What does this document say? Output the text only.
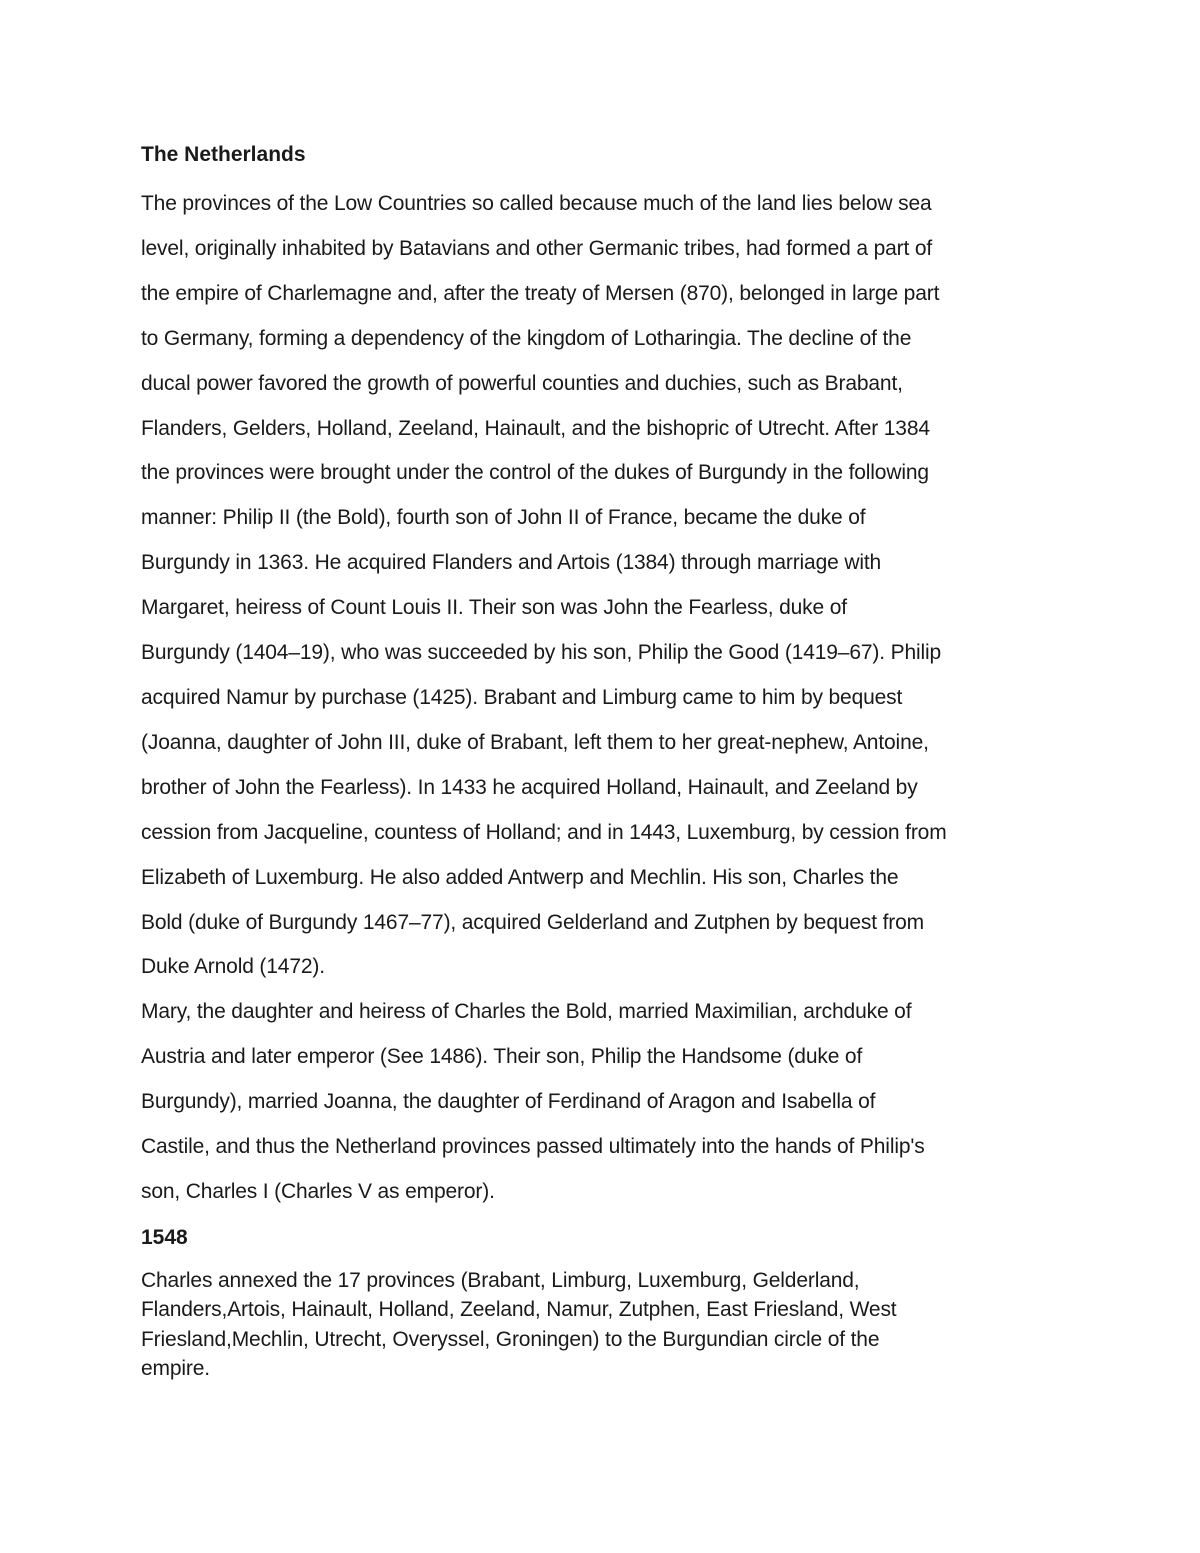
The Netherlands

The provinces of the Low Countries so called because much of the land lies below sea
level, originally inhabited by Batavians and other Germanic tribes, had formed a part of
the empire of Charlemagne and, after the treaty of Mersen (870), belonged in large part
to Germany, forming a dependency of the kingdom of Lotharingia. The decline of the
ducal power favored the growth of powerful counties and duchies, such as Brabant,
Flanders, Gelders, Holland, Zeeland, Hainault, and the bishopric of Utrecht. After 1384
the provinces were brought under the control of the dukes of Burgundy in the following
manner: Philip II (the Bold), fourth son of John II of France, became the duke of
Burgundy in 1363. He acquired Flanders and Artois (1384) through marriage with
Margaret, heiress of Count Louis II. Their son was John the Fearless, duke of
Burgundy (1404–19), who was succeeded by his son, Philip the Good (1419–67). Philip
acquired Namur by purchase (1425). Brabant and Limburg came to him by bequest
(Joanna, daughter of John III, duke of Brabant, left them to her great-nephew, Antoine,
brother of John the Fearless). In 1433 he acquired Holland, Hainault, and Zeeland by
cession from Jacqueline, countess of Holland; and in 1443, Luxemburg, by cession from
Elizabeth of Luxemburg. He also added Antwerp and Mechlin. His son, Charles the
Bold (duke of Burgundy 1467–77), acquired Gelderland and Zutphen by bequest from
Duke Arnold (1472).

Mary, the daughter and heiress of Charles the Bold, married Maximilian, archduke of
Austria and later emperor (See 1486). Their son, Philip the Handsome (duke of
Burgundy), married Joanna, the daughter of Ferdinand of Aragon and Isabella of
Castile, and thus the Netherland provinces passed ultimately into the hands of Philip's
son, Charles I (Charles V as emperor).

1548

Charles annexed the 17 provinces (Brabant, Limburg, Luxemburg, Gelderland,
Flanders,Artois, Hainault, Holland, Zeeland, Namur, Zutphen, East Friesland, West
Friesland,Mechlin, Utrecht, Overyssel, Groningen) to the Burgundian circle of the
empire.
